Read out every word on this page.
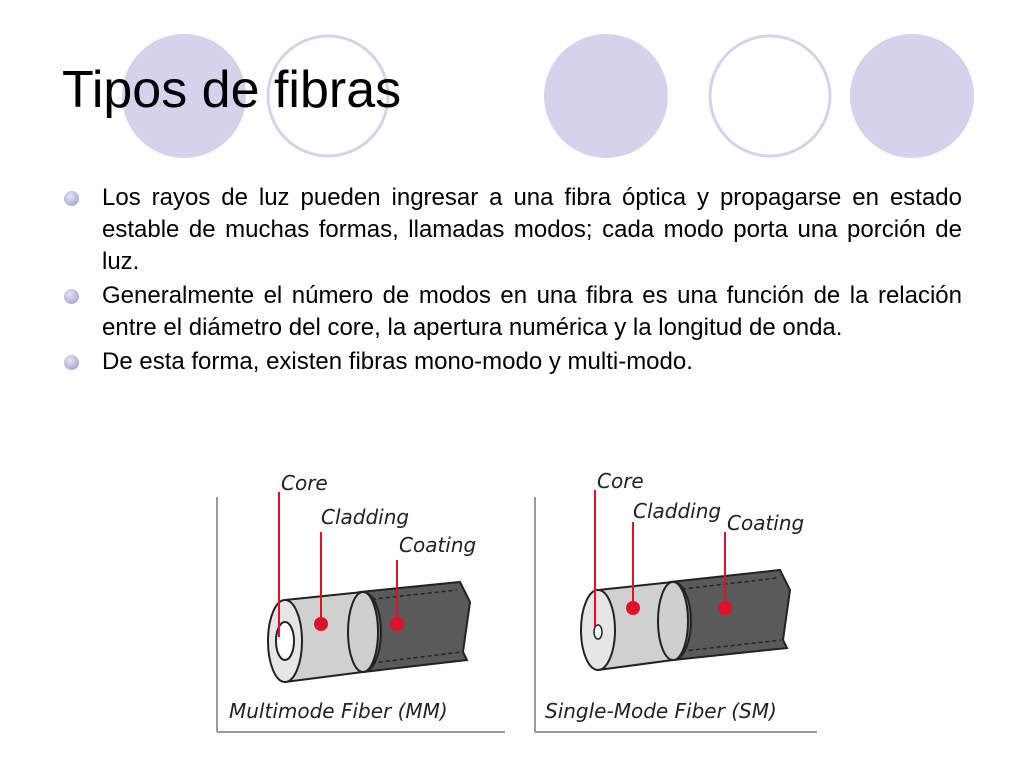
Tipos de fibras
Los rayos de luz pueden ingresar a una fibra óptica y propagarse en estado estable de muchas formas, llamadas modos; cada modo porta una porción de luz.
Generalmente el número de modos en una fibra es una función de la relación entre el diámetro del core, la apertura numérica y la longitud de onda.
De esta forma, existen fibras mono-modo y multi-modo.
Core
Cladding
Coating
Multimode Fiber (MM)
Core
Cladding Coating
Single-Mode Fiber (SM)
